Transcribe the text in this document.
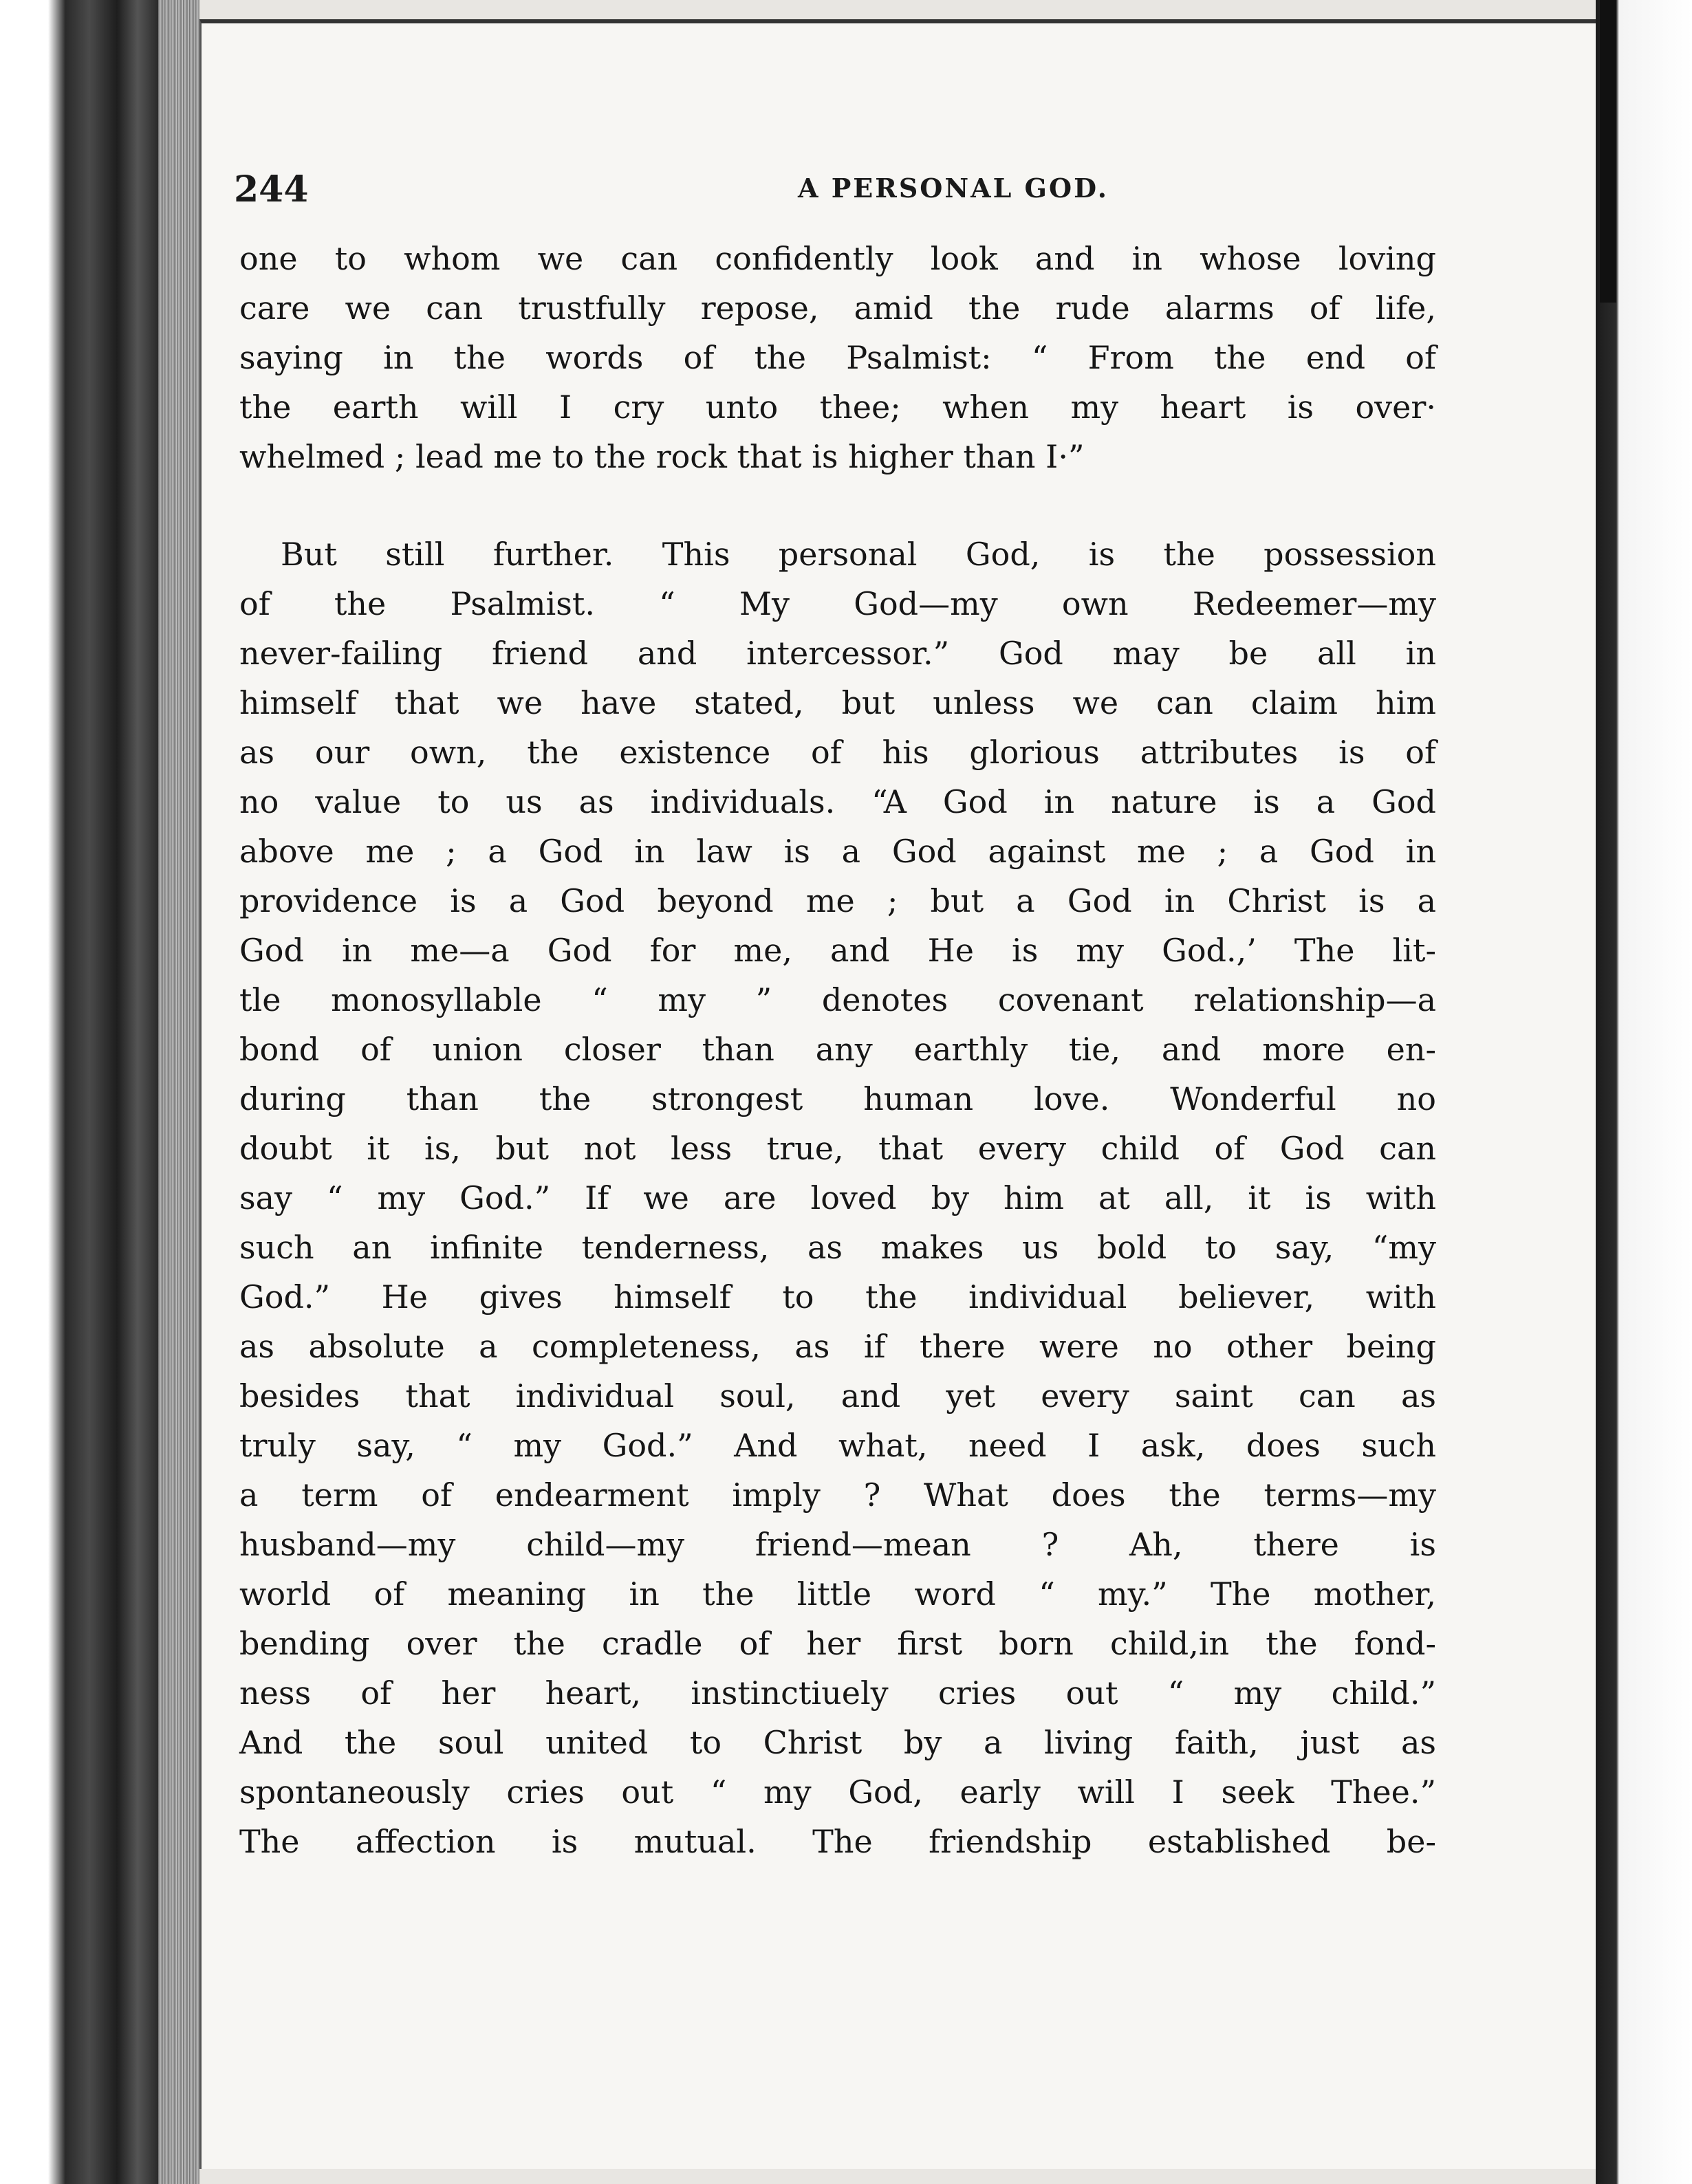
244	A PERSONAL GOD.
one to whom we can confidently look and in whose loving
care we can trustfully repose, amid the rude alarms of life,
saying in the words of the Psalmist: “ From the end of
the earth will I cry unto thee; when my heart is over·
whelmed ; lead me to the rock that is higher than I·”
But still further. This personal God, is the possession
of the Psalmist. “ My God—my own Redeemer—my
never-failing friend and intercessor.” God may be all in
himself that we have stated, but unless we can claim him
as our own, the existence of his glorious attributes is of
no value to us as individuals. “A God in nature is a God
above me ; a God in law is a God against me ; a God in
providence is a God beyond me ; but a God in Christ is a
God in me—a God for me, and He is my God.,’ The lit-
tle monosyllable “ my ” denotes covenant relationship—a
bond of union closer than any earthly tie, and more en-
during than the strongest human love. Wonderful no
doubt it is, but not less true, that every child of God can
say “ my God.” If we are loved by him at all, it is with
such an infinite tenderness, as makes us bold to say, “my
God.” He gives himself to the individual believer, with
as absolute a completeness, as if there were no other being
besides that individual soul, and yet every saint can as
truly say, “ my God.” And what, need I ask, does such
a term of endearment imply ? What does the terms—my
husband—my child—my friend—mean ? Ah, there is
world of meaning in the little word “ my.” The mother,
bending over the cradle of her first born child,in the fond-
ness of her heart, instinctiuely cries out “ my child.”
And the soul united to Christ by a living faith, just as
spontaneously cries out “ my God, early will I seek Thee.”
The affection is mutual. The friendship established be-
